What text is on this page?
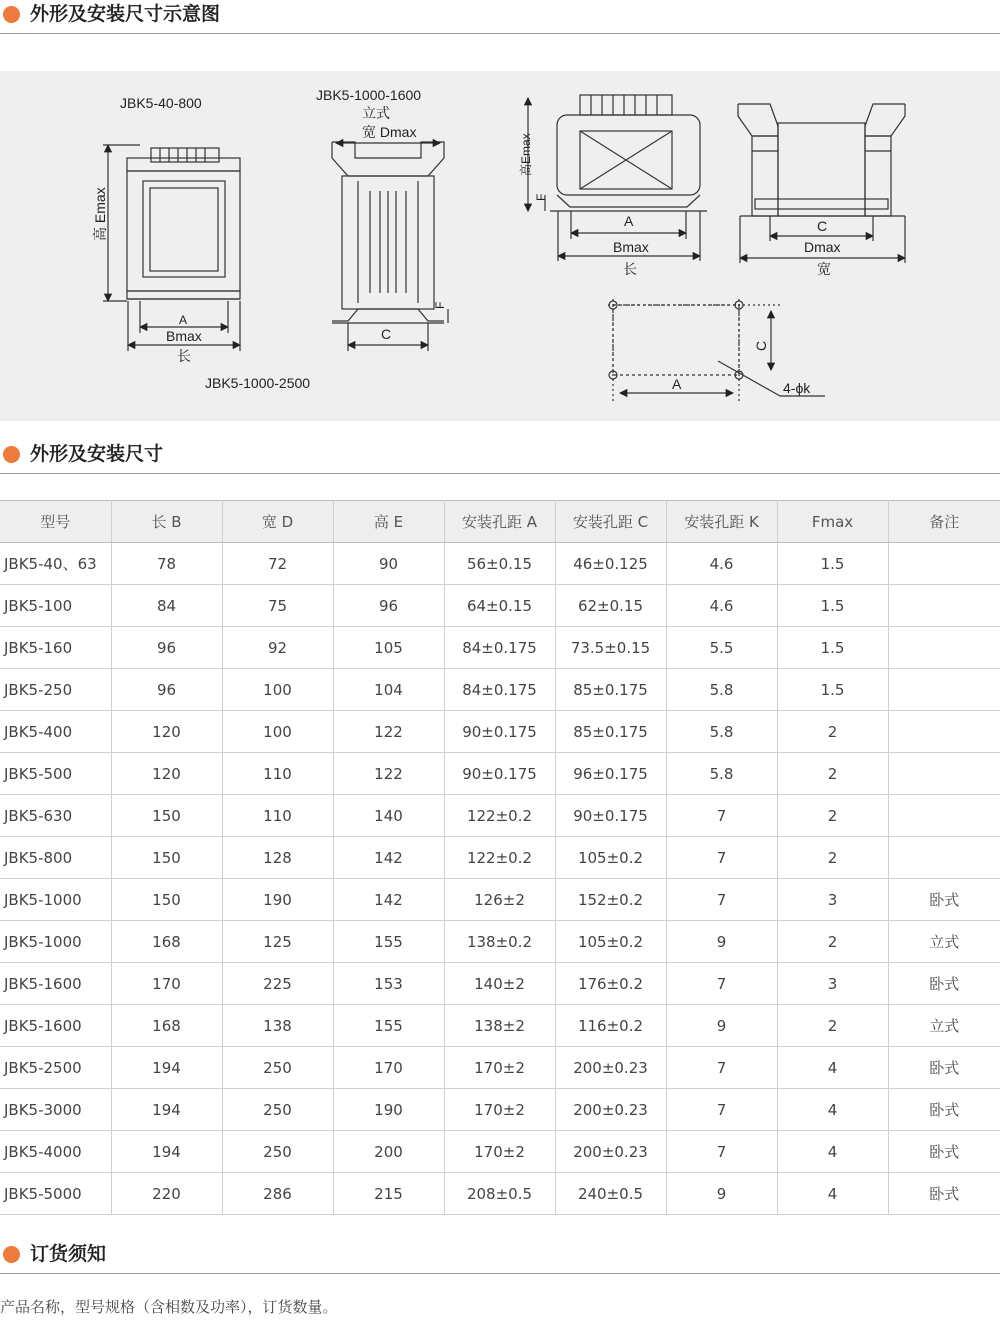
外形及安装尺寸示意图
JBK5-40-800
高 Emax
A
Bmax
长
JBK5-1000-2500
JBK5-1000-1600
立式
宽 Dmax
C
F
高Emax
F
A
Bmax
长
C
Dmax
宽
C
A	4-ϕk
外形及安装尺寸
型号	长 B	宽 D	高 E	安装孔距 A	安装孔距 C	安装孔距 K	Fmax	备注
JBK5-40、63	78	72	90	56±0.15	46±0.125	4.6	1.5	
JBK5-100	84	75	96	64±0.15	62±0.15	4.6	1.5	
JBK5-160	96	92	105	84±0.175	73.5±0.15	5.5	1.5	
JBK5-250	96	100	104	84±0.175	85±0.175	5.8	1.5	
JBK5-400	120	100	122	90±0.175	85±0.175	5.8	2	
JBK5-500	120	110	122	90±0.175	96±0.175	5.8	2	
JBK5-630	150	110	140	122±0.2	90±0.175	7	2	
JBK5-800	150	128	142	122±0.2	105±0.2	7	2	
JBK5-1000	150	190	142	126±2	152±0.2	7	3	卧式
JBK5-1000	168	125	155	138±0.2	105±0.2	9	2	立式
JBK5-1600	170	225	153	140±2	176±0.2	7	3	卧式
JBK5-1600	168	138	155	138±2	116±0.2	9	2	立式
JBK5-2500	194	250	170	170±2	200±0.23	7	4	卧式
JBK5-3000	194	250	190	170±2	200±0.23	7	4	卧式
JBK5-4000	194	250	200	170±2	200±0.23	7	4	卧式
JBK5-5000	220	286	215	208±0.5	240±0.5	9	4	卧式
订货须知
产品名称，型号规格（含相数及功率），订货数量。
